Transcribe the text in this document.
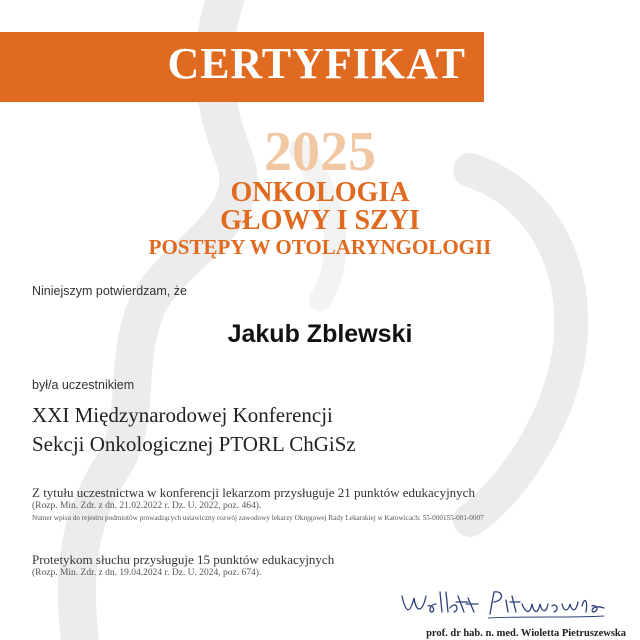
CERTYFIKAT
2025
ONKOLOGIA
GŁOWY I SZYI
POSTĘPY W OTOLARYNGOLOGII
Niniejszym potwierdzam, że
Jakub Zblewski
był/a uczestnikiem
XXI Międzynarodowej Konferencji
Sekcji Onkologicznej PTORL ChGiSz
Z tytułu uczestnictwa w konferencji lekarzom przysługuje 21 punktów edukacyjnych
(Rozp. Min. Zdr. z dn. 21.02.2022 r. Dz. U. 2022, poz. 464).
Numer wpisu do rejestru podmiotów prowadzących ustawiczny rozwój zawodowy lekarzy Okręgowej Rady Lekarskiej w Katowicach: 55-000155-001-0007
Protetykom słuchu przysługuje 15 punktów edukacyjnych
(Rozp. Min. Zdr. z dn. 19.04.2024 r. Dz. U. 2024, poz. 674).
prof. dr hab. n. med. Wioletta Pietruszewska
